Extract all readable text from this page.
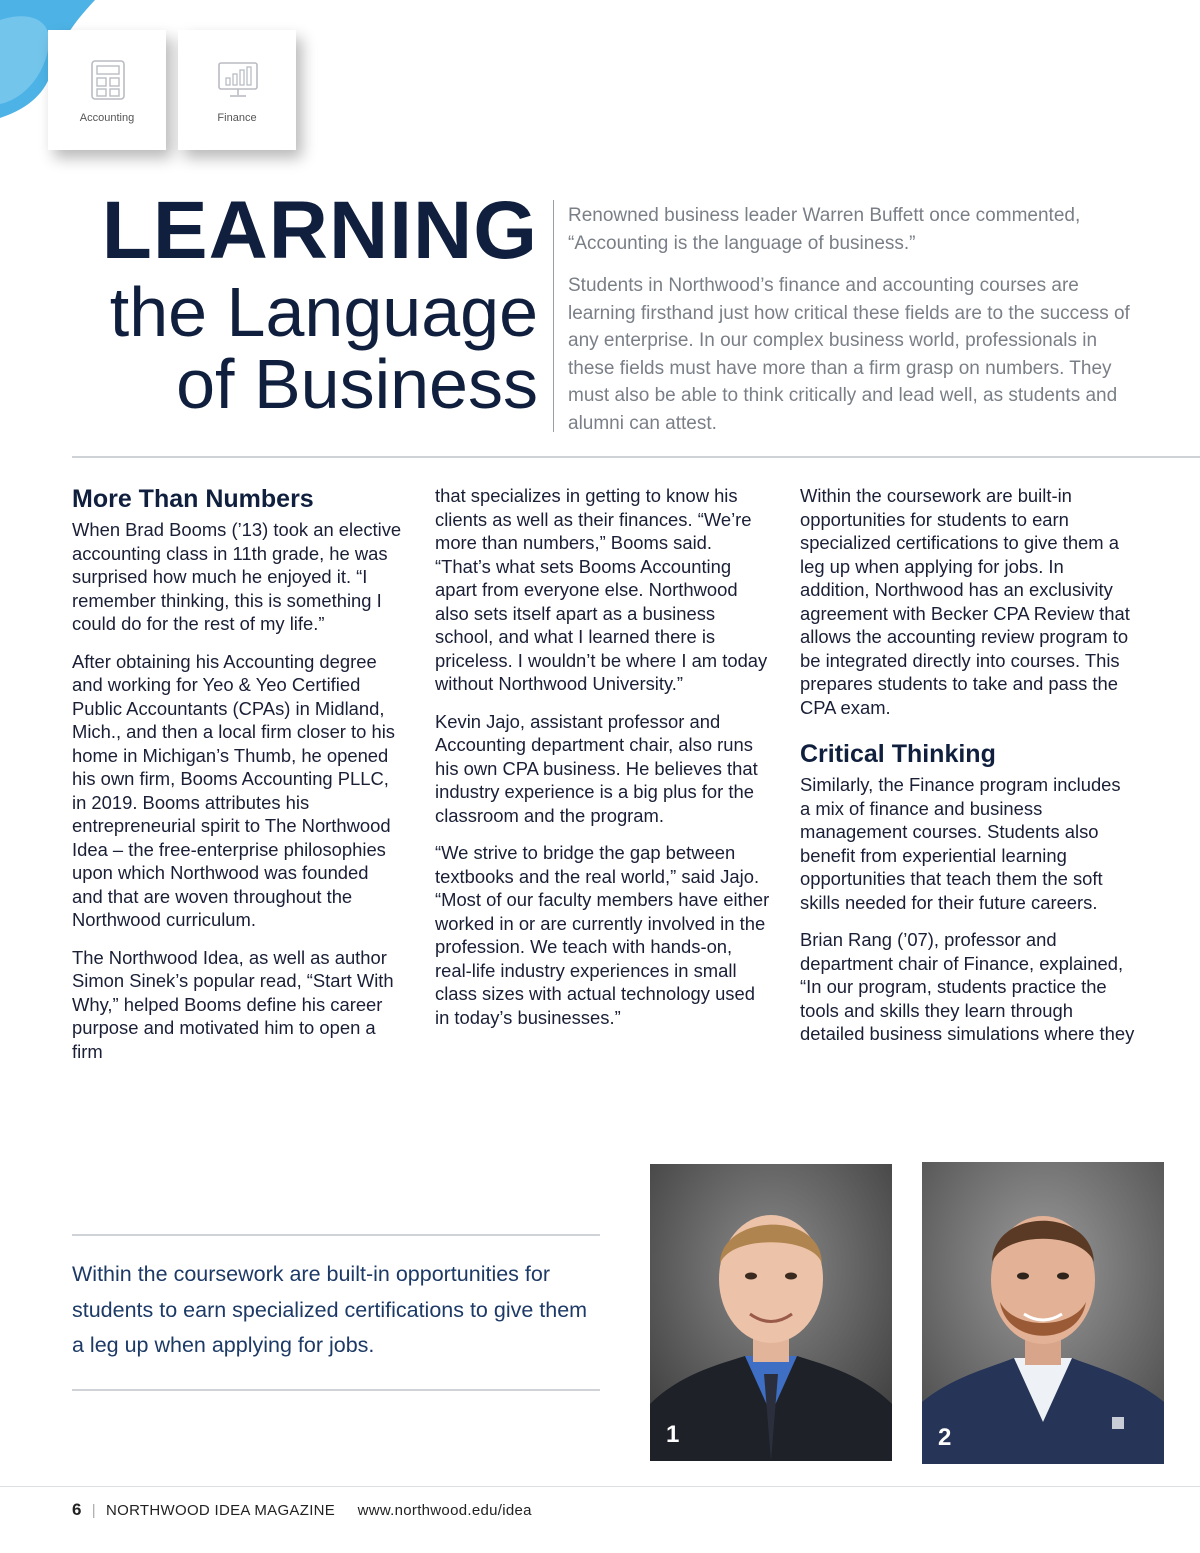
Accounting	Finance
LEARNING
the Language
of Business

Renowned business leader Warren Buffett once commented, “Accounting is the language of business.”

Students in Northwood’s finance and accounting courses are learning firsthand just how critical these fields are to the success of any enterprise. In our complex business world, professionals in these fields must have more than a firm grasp on numbers. They must also be able to think critically and lead well, as students and alumni can attest.

More Than Numbers

When Brad Booms (’13) took an elective accounting class in 11th grade, he was surprised how much he enjoyed it. “I remember thinking, this is something I could do for the rest of my life.”

After obtaining his Accounting degree and working for Yeo & Yeo Certified Public Accountants (CPAs) in Midland, Mich., and then a local firm closer to his home in Michigan’s Thumb, he opened his own firm, Booms Accounting PLLC, in 2019. Booms attributes his entrepreneurial spirit to The Northwood Idea – the free-enterprise philosophies upon which Northwood was founded and that are woven throughout the Northwood curriculum.

The Northwood Idea, as well as author Simon Sinek’s popular read, “Start With Why,” helped Booms define his career purpose and motivated him to open a firm

that specializes in getting to know his clients as well as their finances. “We’re more than numbers,” Booms said. “That’s what sets Booms Accounting apart from everyone else. Northwood also sets itself apart as a business school, and what I learned there is priceless. I wouldn’t be where I am today without Northwood University.”

Kevin Jajo, assistant professor and Accounting department chair, also runs his own CPA business. He believes that industry experience is a big plus for the classroom and the program.

“We strive to bridge the gap between textbooks and the real world,” said Jajo. “Most of our faculty members have either worked in or are currently involved in the profession. We teach with hands-on, real-life industry experiences in small class sizes with actual technology used in today’s businesses.”

Within the coursework are built-in opportunities for students to earn specialized certifications to give them a leg up when applying for jobs. In addition, Northwood has an exclusivity agreement with Becker CPA Review that allows the accounting review program to be integrated directly into courses. This prepares students to take and pass the CPA exam.

Critical Thinking

Similarly, the Finance program includes a mix of finance and business management courses. Students also benefit from experiential learning opportunities that teach them the soft skills needed for their future careers.

Brian Rang (’07), professor and department chair of Finance, explained, “In our program, students practice the tools and skills they learn through detailed business simulations where they

Within the coursework are built-in opportunities for students to earn specialized certifications to give them a leg up when applying for jobs.
1	2
6 | NORTHWOOD IDEA MAGAZINE www.northwood.edu/idea
